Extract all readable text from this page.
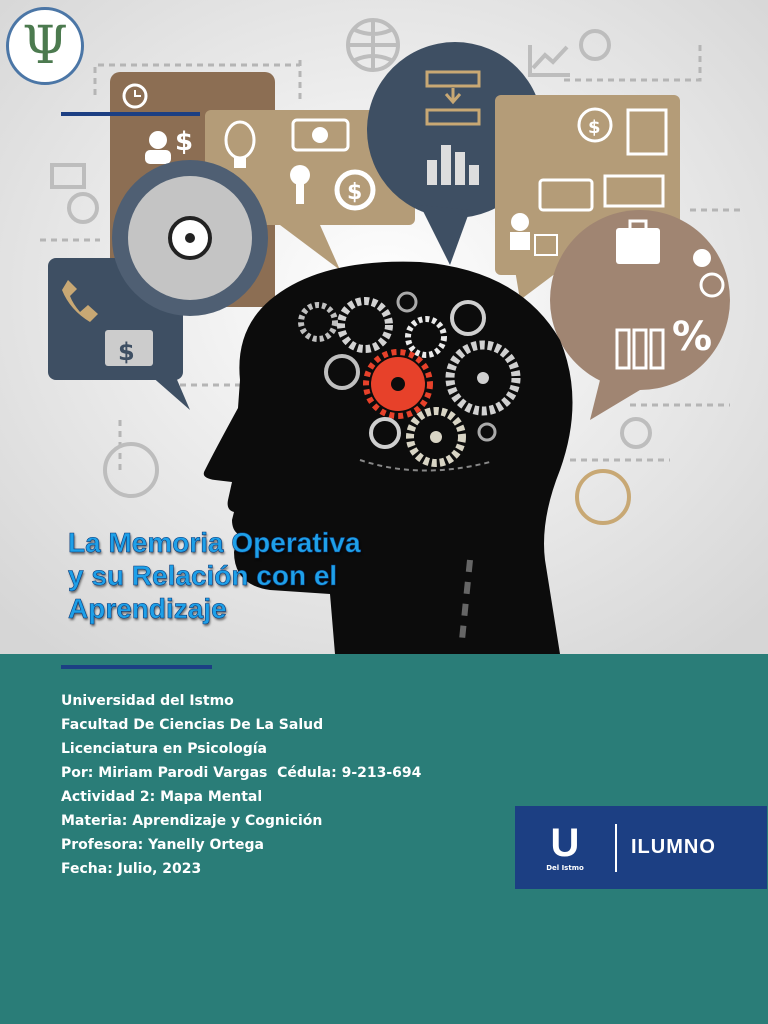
$
$
$
%
$
Ψ
La Memoria Operativa
y su Relación con el
Aprendizaje
Universidad del Istmo
Facultad De Ciencias De La Salud
Licenciatura en Psicología
Por: Miriam Parodi Vargas  Cédula: 9-213-694
Actividad 2: Mapa Mental
Materia: Aprendizaje y Cognición
Profesora: Yanelly Ortega
Fecha: Julio, 2023
U
Del Istmo
ILUMNO
